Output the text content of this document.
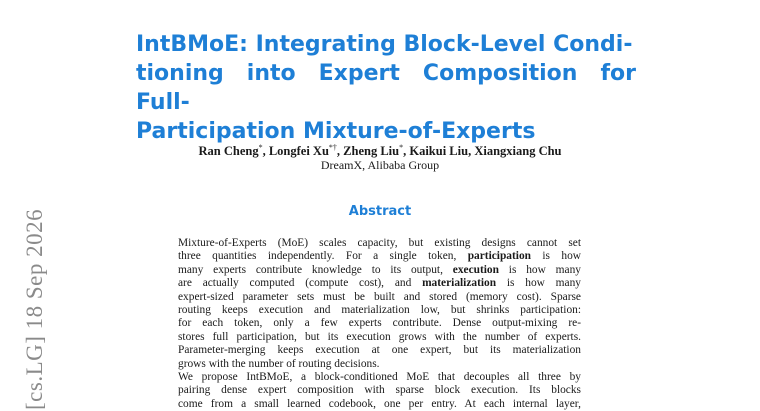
IntBMoE: Integrating Block-Level Condi-
tioning into Expert Composition for Full-
Participation Mixture-of-Experts
Ran Cheng*, Longfei Xu*†, Zheng Liu*, Kaikui Liu, Xiangxiang Chu
DreamX, Alibaba Group
Abstract
Mixture-of-Experts (MoE) scales capacity, but existing designs cannot set
three quantities independently. For a single token, participation is how
many experts contribute knowledge to its output, execution is how many
are actually computed (compute cost), and materialization is how many
expert-sized parameter sets must be built and stored (memory cost). Sparse
routing keeps execution and materialization low, but shrinks participation:
for each token, only a few experts contribute. Dense output-mixing re-
stores full participation, but its execution grows with the number of experts.
Parameter-merging keeps execution at one expert, but its materialization
grows with the number of routing decisions.
We propose IntBMoE, a block-conditioned MoE that decouples all three by
pairing dense expert composition with sparse block execution. Its blocks
come from a small learned codebook, one per entry. At each internal layer,
[cs.LG] 18 Sep 2026
